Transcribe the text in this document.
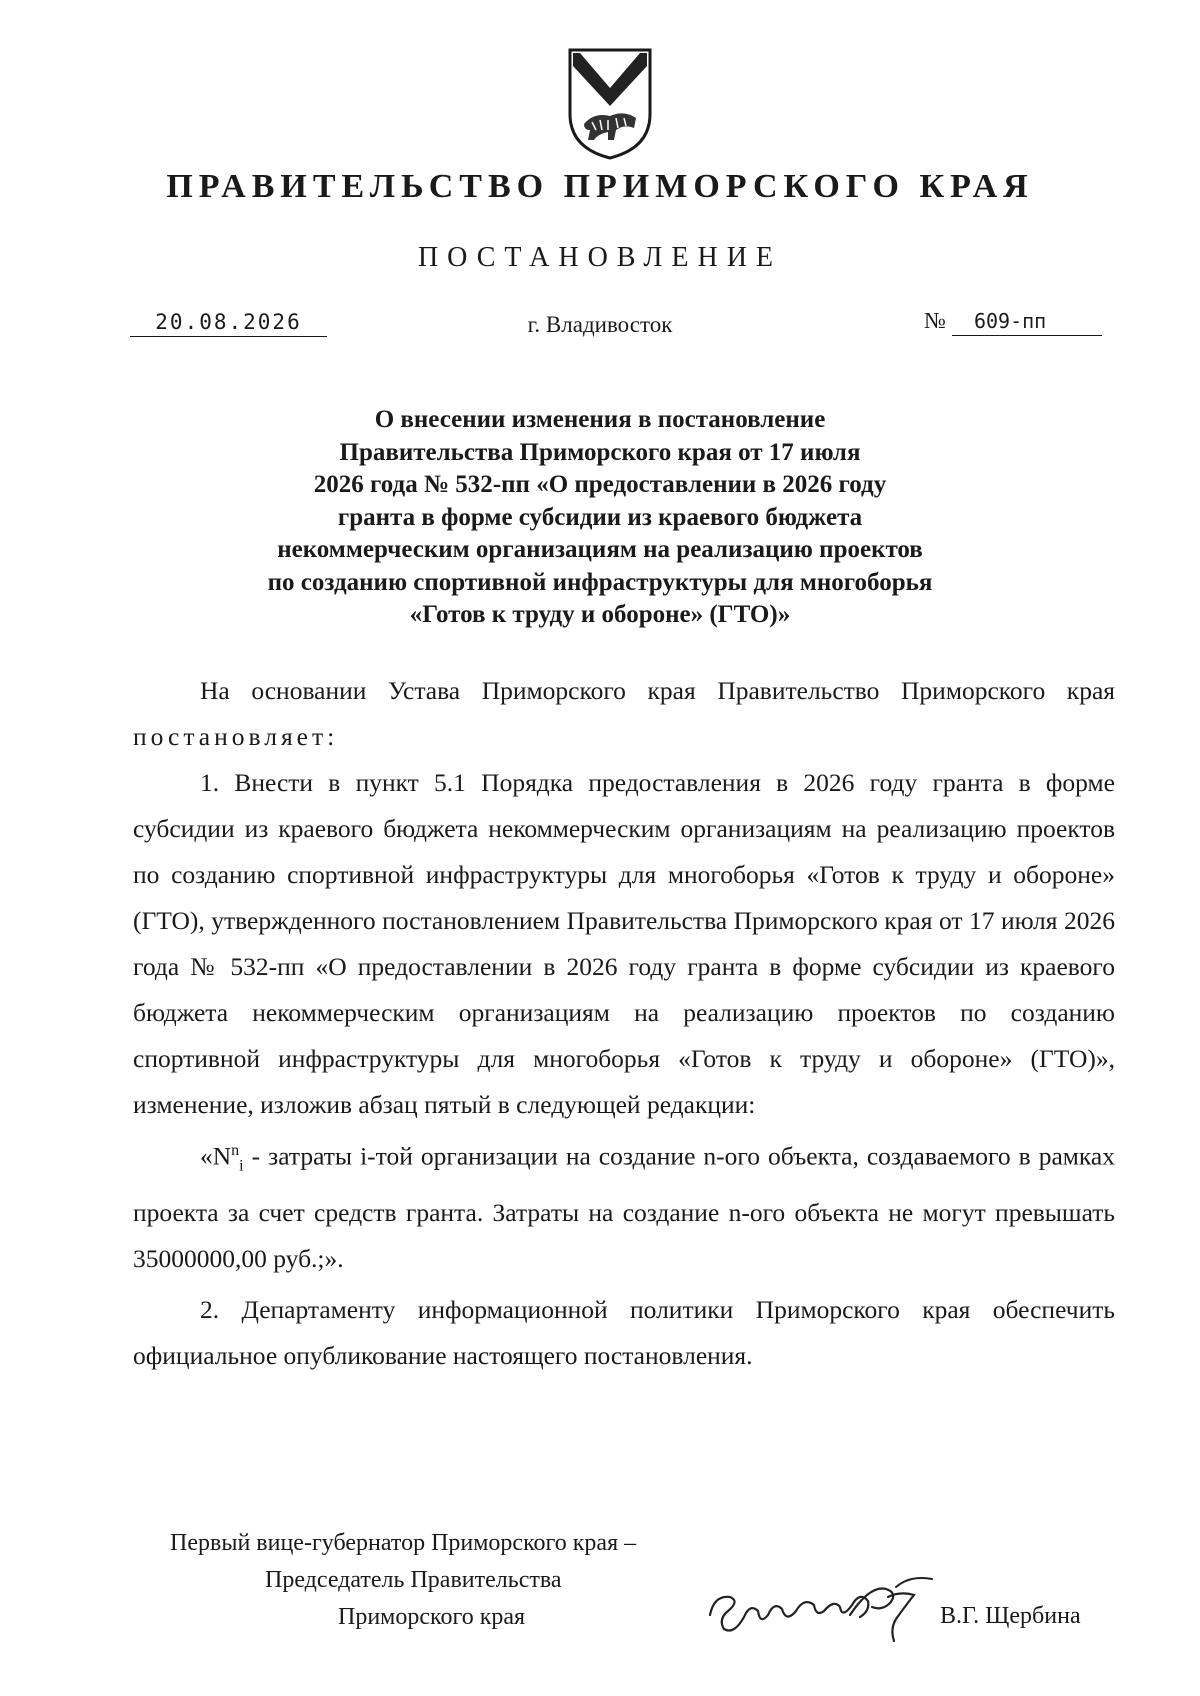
ПРАВИТЕЛЬСТВО ПРИМОРСКОГО КРАЯ
ПОСТАНОВЛЕНИЕ
20.08.2026	г. Владивосток	№ 609-пп
О внесении изменения в постановление
Правительства Приморского края от 17 июля
2026 года № 532-пп «О предоставлении в 2026 году
гранта в форме субсидии из краевого бюджета
некоммерческим организациям на реализацию проектов
по созданию спортивной инфраструктуры для многоборья
«Готов к труду и обороне» (ГТО)»

На основании Устава Приморского края Правительство Приморского края постановляет:

1. Внести в пункт 5.1 Порядка предоставления в 2026 году гранта в форме субсидии из краевого бюджета некоммерческим организациям на реализацию проектов по созданию спортивной инфраструктуры для многоборья «Готов к труду и обороне» (ГТО), утвержденного постановлением Правительства Приморского края от 17 июля 2026 года № 532-пп «О предоставлении в 2026 году гранта в форме субсидии из краевого бюджета некоммерческим организациям на реализацию проектов по созданию спортивной инфраструктуры для многоборья «Готов к труду и обороне» (ГТО)», изменение, изложив абзац пятый в следующей редакции:

«$N^n_i$ - затраты i-той организации на создание n-ого объекта, создаваемого в рамках проекта за счет средств гранта. Затраты на создание n-ого объекта не могут превышать 35000000,00 руб.;».

2. Департаменту информационной политики Приморского края обеспечить официальное опубликование настоящего постановления.

Первый вице-губернатор Приморского края –
Председатель Правительства
Приморского края	В.Г. Щербина
